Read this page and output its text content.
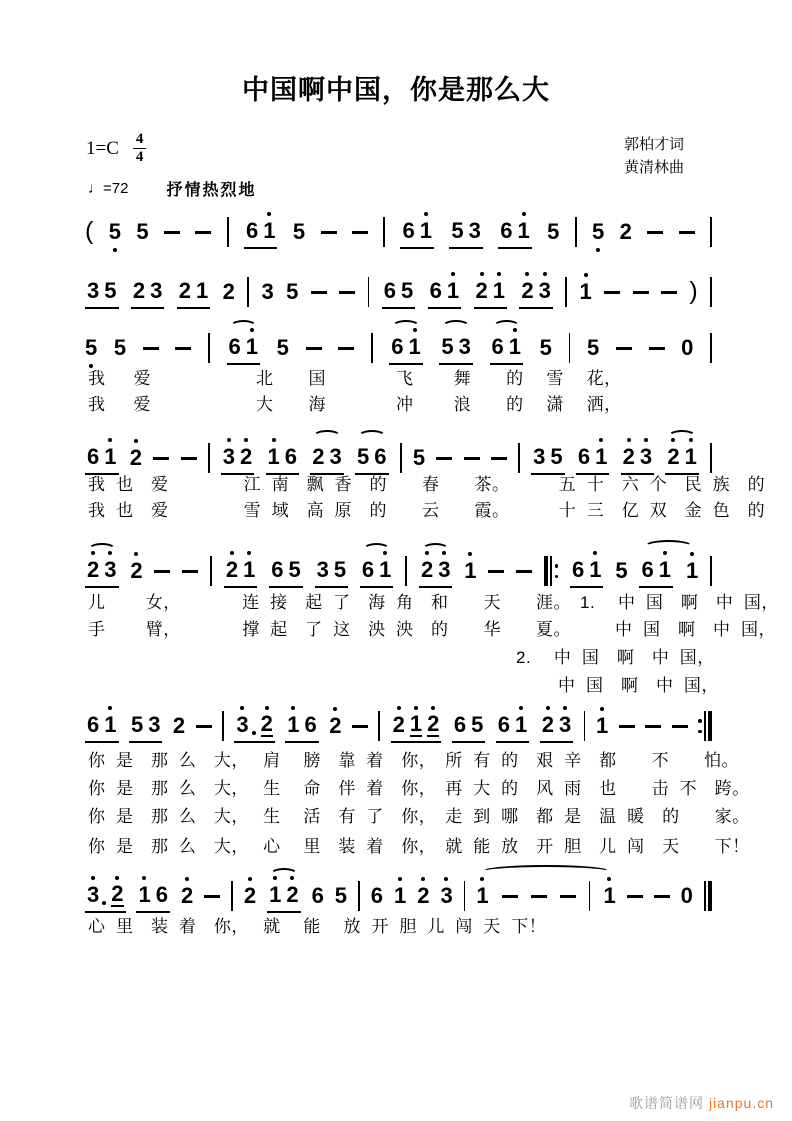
中国啊中国，你是那么大
$1=C \frac{4}{4}$	郭柏才词
黄清林曲
♩=72 抒情热烈地
( 5 5	6 1 5	6 1 5 3 6 1 5 5 2
3 5 2 3 2 1 2 3 5	6 5 6 1 2 1 2 3 1	)
5 5	6 1 5	6 1 5 3 6 1 5 5	0
6 1 2	3 2 1 6 2 3 5 6 5	3 5 6 1 2 3 2 1
2 3 2	2 1 6 5 3 5 6 1 2 3 1	6 1 5 6 1 1
6 1 5 3 2 3 2 1 6 2 2 1 2 6 5 6 1 2 3 1
3 2 1 6 2 2 1 2 6 5 6 1 2 3 1	1	0
我　  爱　　　　　　北　　国　　　　飞　　 舞　　的　 雪　 花，
我　  爱　　　　　　大　　海　　　　冲　　 浪　　的　 潇　 洒，
我  也　爱　　　　 江  南　飘  香　的　　春　　茶。　　　 五  十　六  个　民  族　的
我  也　爱　　　　 雪  域　高  原　的　　云　　霞。　　　 十  三　亿  双　金  色　的
儿　　 女，　　　　连  接　起  了　海  角　和　　天　　涯。　1.　 中  国　啊　中  国，
手　　 臂，　　　　撑  起　了  这　泱  泱　的　　华　　夏。　　　中  国　啊　中  国，
2.　 中  国　啊　中  国，
中  国　啊　中  国，
你  是　那  么　大，　 肩　 膀　靠  着　你，　所  有  的　艰  辛　都　　不　　怕。
你  是　那  么　大，　 生　 命　伴  着　你，　再  大  的　风  雨　也　　击  不　跨。
你  是　那  么　大，　 生　 活　有  了　你，　走  到  哪　都  是　温  暖　的　　家。
你  是　那  么　大，　 心　 里　装  着　你，　就  能  放　开  胆　儿  闯　天　　下！
心  里　装  着　你，　 就　 能　 放  开  胆  儿  闯  天  下！
歌谱简谱网 jianpu.cn
